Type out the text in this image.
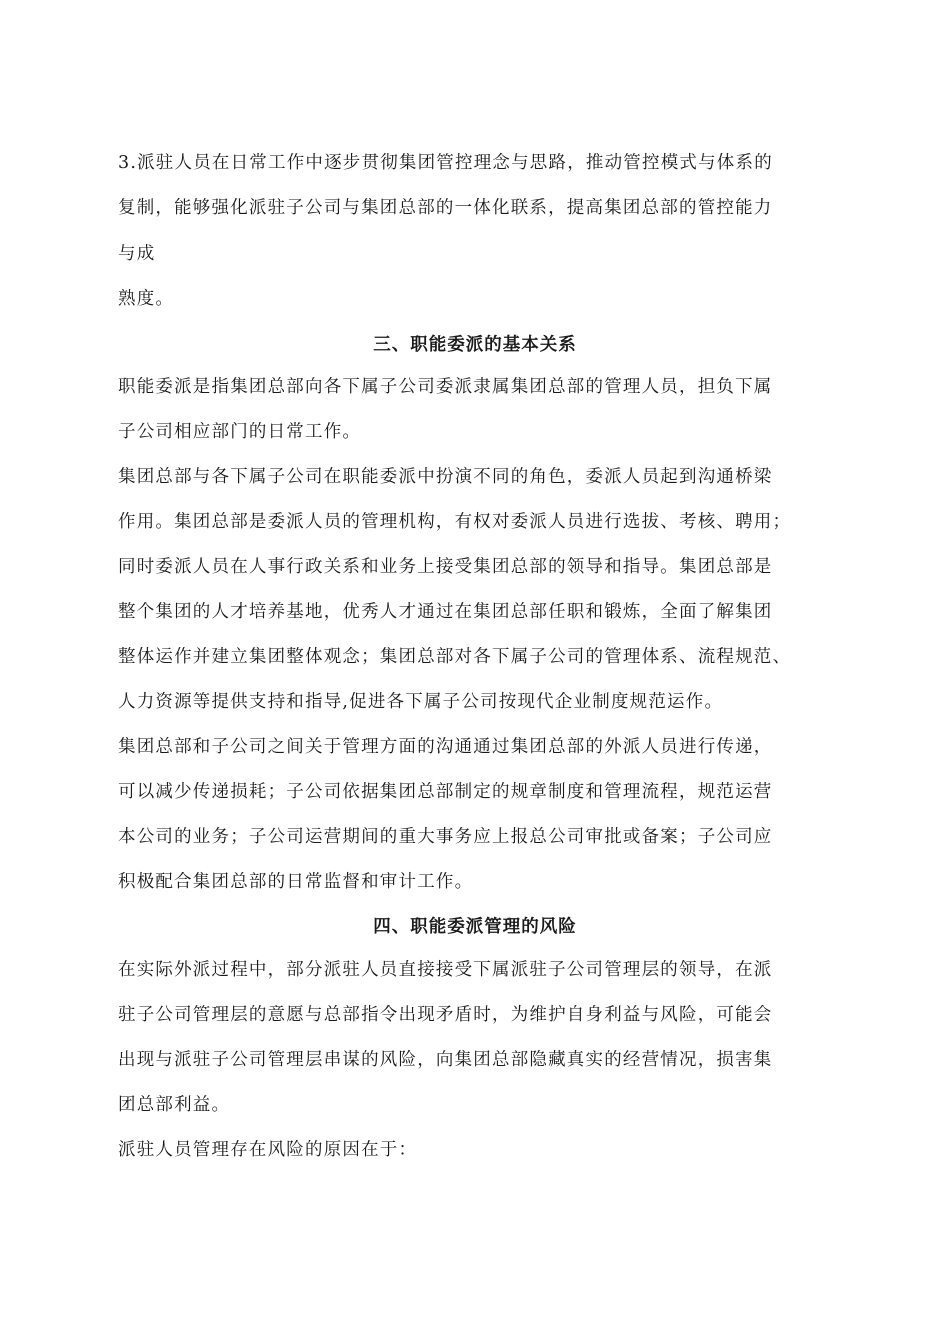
3.派驻人员在日常工作中逐步贯彻集团管控理念与思路，推动管控模式与体系的
复制，能够强化派驻子公司与集团总部的一体化联系，提高集团总部的管控能力
与成
熟度。
三、职能委派的基本关系
职能委派是指集团总部向各下属子公司委派隶属集团总部的管理人员，担负下属
子公司相应部门的日常工作。
集团总部与各下属子公司在职能委派中扮演不同的角色，委派人员起到沟通桥梁
作用。集团总部是委派人员的管理机构，有权对委派人员进行选拔、考核、聘用；
同时委派人员在人事行政关系和业务上接受集团总部的领导和指导。集团总部是
整个集团的人才培养基地，优秀人才通过在集团总部任职和锻炼，全面了解集团
整体运作并建立集团整体观念；集团总部对各下属子公司的管理体系、流程规范、
人力资源等提供支持和指导,促进各下属子公司按现代企业制度规范运作。
集团总部和子公司之间关于管理方面的沟通通过集团总部的外派人员进行传递，
可以减少传递损耗；子公司依据集团总部制定的规章制度和管理流程，规范运营
本公司的业务；子公司运营期间的重大事务应上报总公司审批或备案；子公司应
积极配合集团总部的日常监督和审计工作。
四、职能委派管理的风险
在实际外派过程中，部分派驻人员直接接受下属派驻子公司管理层的领导，在派
驻子公司管理层的意愿与总部指令出现矛盾时，为维护自身利益与风险，可能会
出现与派驻子公司管理层串谋的风险，向集团总部隐藏真实的经营情况，损害集
团总部利益。
派驻人员管理存在风险的原因在于：
